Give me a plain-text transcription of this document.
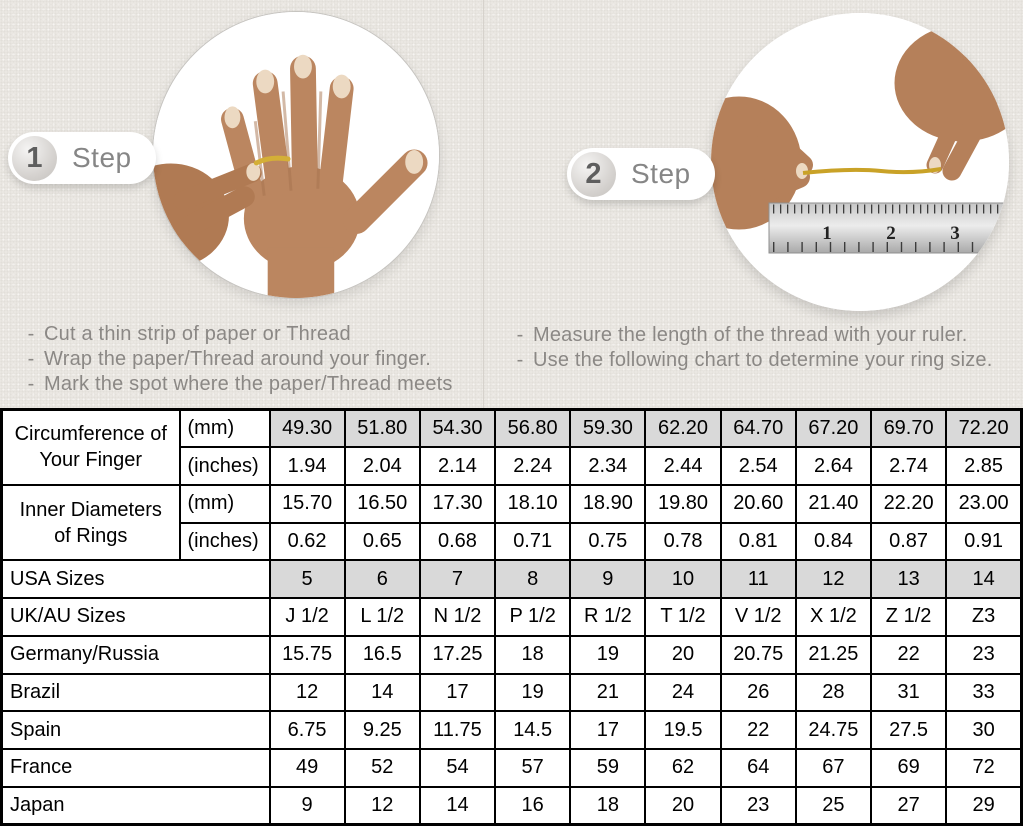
1	2	3
1	Step	2	Step
- Cut a thin strip of paper or Thread
- Wrap the paper/Thread around your finger.
- Mark the spot where the paper/Thread meets
- Measure the length of the thread with your ruler.
- Use the following chart to determine your ring size.
Circumference of Your Finger	(mm)	49.30	51.80	54.30	56.80	59.30	62.20	64.70	67.20	69.70	72.20
	(inches)	1.94	2.04	2.14	2.24	2.34	2.44	2.54	2.64	2.74	2.85
Inner Diameters of Rings	(mm)	15.70	16.50	17.30	18.10	18.90	19.80	20.60	21.40	22.20	23.00
	(inches)	0.62	0.65	0.68	0.71	0.75	0.78	0.81	0.84	0.87	0.91
USA Sizes		5	6	7	8	9	10	11	12	13	14
UK/AU Sizes		J 1/2	L 1/2	N 1/2	P 1/2	R 1/2	T 1/2	V 1/2	X 1/2	Z 1/2	Z3
Germany/Russia		15.75	16.5	17.25	18	19	20	20.75	21.25	22	23
Brazil		12	14	17	19	21	24	26	28	31	33
Spain		6.75	9.25	11.75	14.5	17	19.5	22	24.75	27.5	30
France		49	52	54	57	59	62	64	67	69	72
Japan		9	12	14	16	18	20	23	25	27	29
